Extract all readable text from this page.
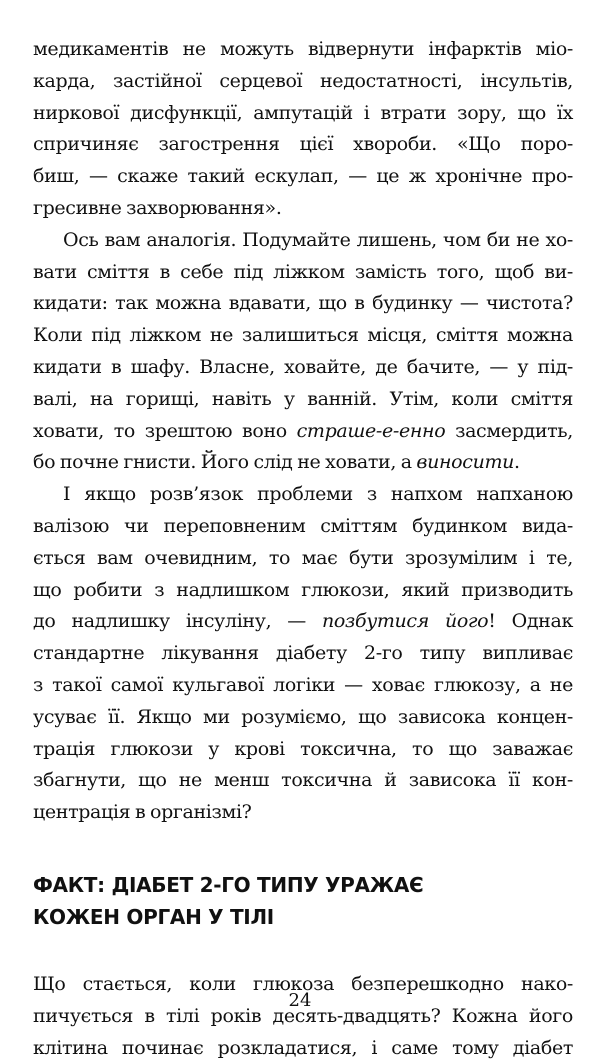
медикаментів не можуть відвернути інфарктів міо-
карда, застійної серцевої недостатності, інсультів,
ниркової дисфункції, ампутацій і втрати зору, що їх
спричиняє загострення цієї хвороби. «Що поро-
биш, — скаже такий ескулап, — це ж хронічне про-
гресивне захворювання».
Ось вам аналогія. Подумайте лишень, чом би не хо-
вати сміття в себе під ліжком замість того, щоб ви-
кидати: так можна вдавати, що в будинку — чистота?
Коли під ліжком не залишиться місця, сміття можна
кидати в шафу. Власне, ховайте, де бачите, — у під-
валі, на горищі, навіть у ванній. Утім, коли сміття
ховати, то зрештою воно страше-е-енно засмердить,
бо почне гнисти. Його слід не ховати, а виносити.
І якщо розв’язок проблеми з напхом напханою
валізою чи переповненим сміттям будинком вида-
ється вам очевидним, то має бути зрозумілим і те,
що робити з надлишком глюкози, який призводить
до надлишку інсуліну, — позбутися його! Однак
стандартне лікування діабету 2-го типу випливає
з такої самої кульгавої логіки — ховає глюкозу, а не
усуває її. Якщо ми розуміємо, що зависока концен-
трація глюкози у крові токсична, то що заважає
збагнути, що не менш токсична й зависока її кон-
центрація в організмі?
ФАКТ: ДІАБЕТ 2-ГО ТИПУ УРАЖАЄ
КОЖЕН ОРГАН У ТІЛІ
Що стається, коли глюкоза безперешкодно нако-
пичується в тілі років десять-двадцять? Кожна його
клітина починає розкладатися, і саме тому діабет
24
